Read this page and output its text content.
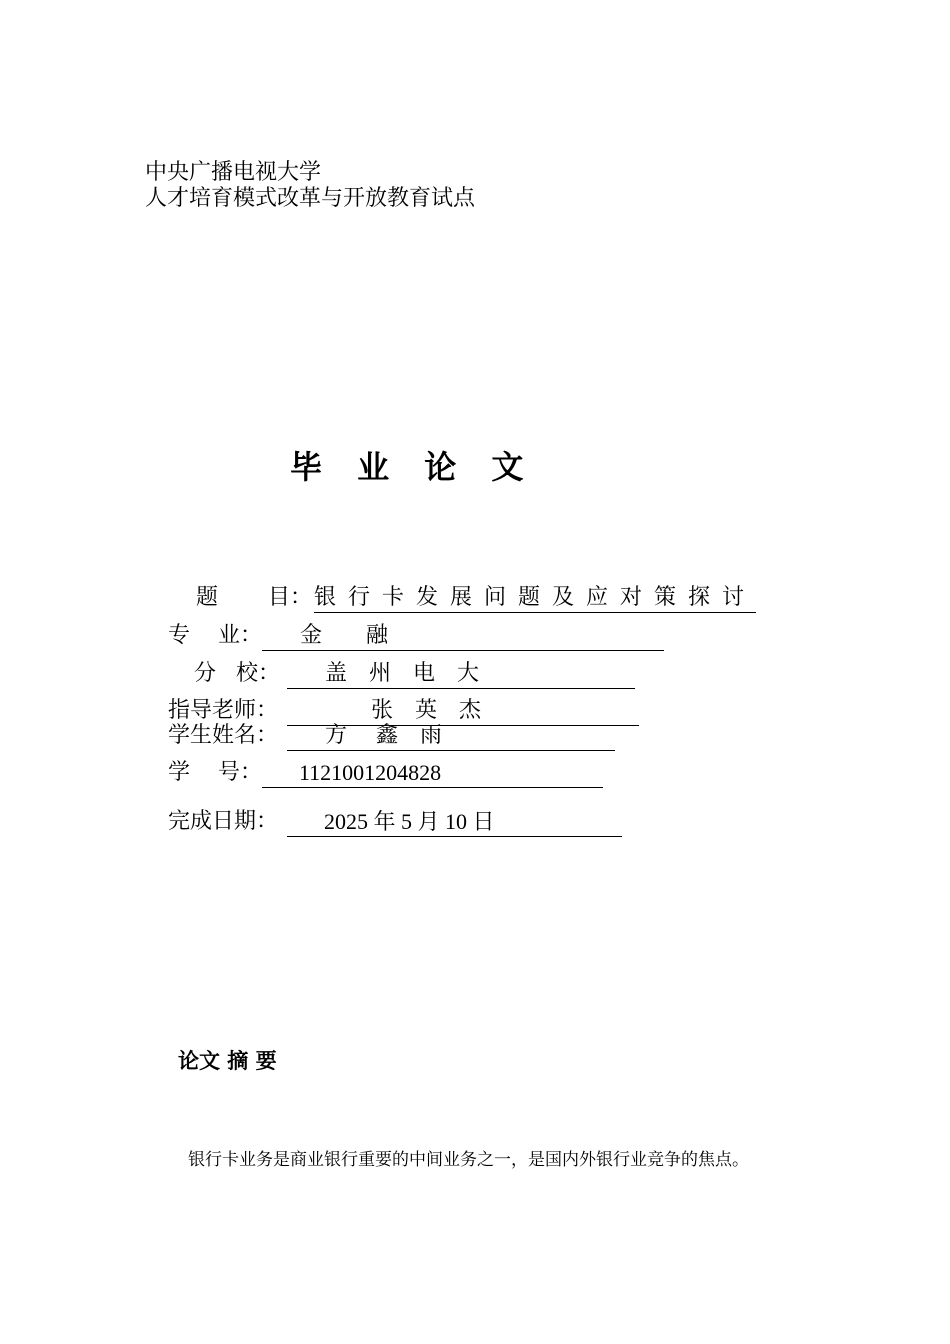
中央广播电视大学
人才培育模式改革与开放教育试点
毕 业 论 文
题 目： 银行卡发展问题及应对策探讨
专 业：	金　　融
分 校：	盖　州　电　大
指导老师：	张　英　杰
学生姓名：	方　 鑫　雨
学 号：	1121001204828
完成日期：	2025 年 5 月 10 日
论文 摘 要
银行卡业务是商业银行重要的中间业务之一，是国内外银行业竞争的焦点。
